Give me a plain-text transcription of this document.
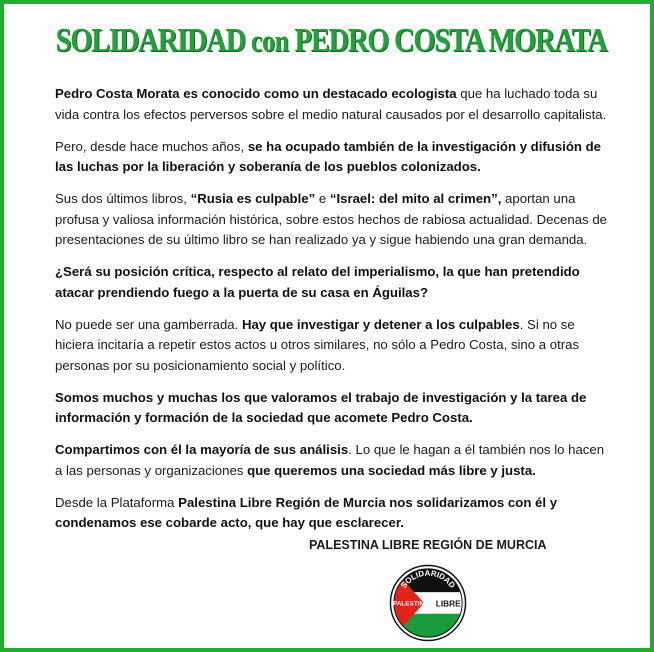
SOLIDARIDAD con PEDRO COSTA MORATA

Pedro Costa Morata es conocido como un destacado ecologista que ha luchado toda su vida contra los efectos perversos sobre el medio natural causados por el desarrollo capitalista.

Pero, desde hace muchos años, se ha ocupado también de la investigación y difusión de las luchas por la liberación y soberanía de los pueblos colonizados.

Sus dos últimos libros, “Rusia es culpable” e “Israel: del mito al crimen”, aportan una profusa y valiosa información histórica, sobre estos hechos de rabiosa actualidad. Decenas de presentaciones de su último libro se han realizado ya y sigue habiendo una gran demanda.

¿Será su posición crítica, respecto al relato del imperialismo, la que han pretendido atacar prendiendo fuego a la puerta de su casa en Águilas?

No puede ser una gamberrada. Hay que investigar y detener a los culpables. Si no se hiciera incitaría a repetir estos actos u otros similares, no sólo a Pedro Costa, sino a otras personas por su posicionamiento social y político.

Somos muchos y muchas los que valoramos el trabajo de investigación y la tarea de información y formación de la sociedad que acomete Pedro Costa.

Compartimos con él la mayoría de sus análisis. Lo que le hagan a él también nos lo hacen a las personas y organizaciones que queremos una sociedad más libre y justa.

Desde la Plataforma Palestina Libre Región de Murcia nos solidarizamos con él y condenamos ese cobarde acto, que hay que esclarecer.

PALESTINA LIBRE REGIÓN DE MURCIA
SOLIDARIDAD
PALESTINA LIBRE
